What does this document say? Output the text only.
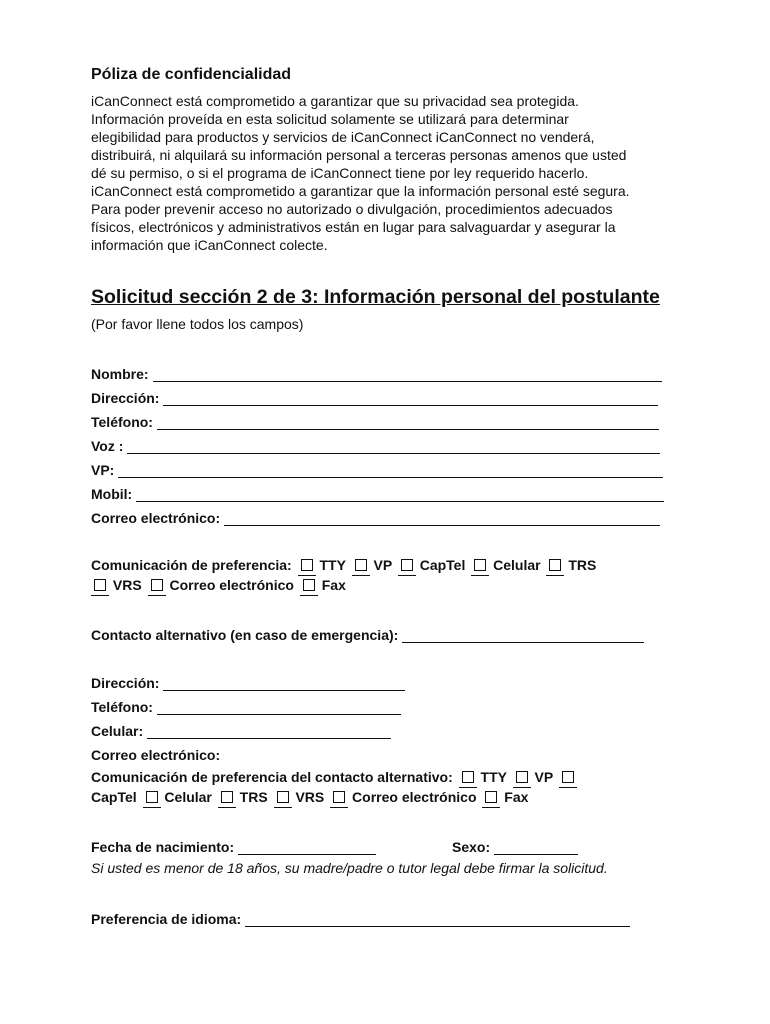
Póliza de confidencialidad
iCanConnect está comprometido a garantizar que su privacidad sea protegida.
Información proveída en esta solicitud solamente se utilizará para determinar
elegibilidad para productos y servicios de iCanConnect iCanConnect no venderá,
distribuirá, ni alquilará su información personal a terceras personas amenos que usted
dé su permiso, o si el programa de iCanConnect tiene por ley requerido hacerlo.
iCanConnect está comprometido a garantizar que la información personal esté segura.
Para poder prevenir acceso no autorizado o divulgación, procedimientos adecuados
físicos, electrónicos y administrativos están en lugar para salvaguardar y asegurar la
información que iCanConnect colecte.
Solicitud sección 2 de 3: Información personal del postulante
(Por favor llene todos los campos)
Nombre:
Dirección:
Teléfono:
Voz :
VP:
Mobil:
Correo electrónico:
Comunicación de preferencia: TTY VP CapTel Celular TRS
VRS Correo electrónico Fax
Contacto alternativo (en caso de emergencia):
Dirección:
Teléfono:
Celular:
Correo electrónico:
Comunicación de preferencia del contacto alternativo: TTY VP
CapTel Celular TRS VRS Correo electrónico Fax
Fecha de nacimiento:	Sexo:
Si usted es menor de 18 años, su madre/padre o tutor legal debe firmar la solicitud.
Preferencia de idioma:
